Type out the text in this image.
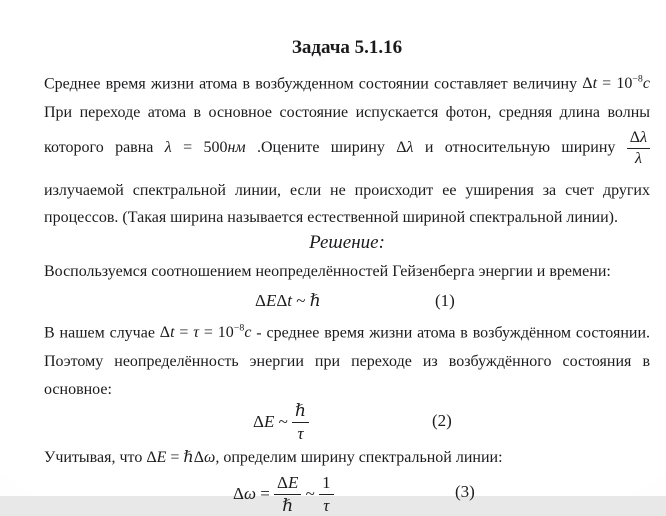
Задача 5.1.16
Среднее время жизни атома в возбужденном состоянии составляет величину $\Delta t = 10^{-8}с$
При переходе атома в основное состояние испускается фотон, средняя длина волны
которого равна λ = 500нм .Оцените ширину Δλ и относительную ширину $\frac{\Delta\lambda}{\lambda}$
излучаемой спектральной линии, если не происходит ее уширения за счет других
процессов. (Такая ширина называется естественной шириной спектральной линии).
Решение:
Воспользуемся соотношением неопределённостей Гейзенберга энергии и времени:
ΔEΔt ~ ℏ	(1)
В нашем случае $\Delta t = \tau = 10^{-8}с$ - среднее время жизни атома в возбуждённом состоянии.
Поэтому неопределённость энергии при переходе из возбуждённого состояния в
основное:
ΔE ~ $\frac{\text{ℏ}}{\tau}$	(2)
Учитывая, что ΔE = ℏΔω, определим ширину спектральной линии:
$\Delta\omega = \frac{\Delta E}{\text{ℏ}}$ ~ $\frac{1}{\tau}$	(3)
